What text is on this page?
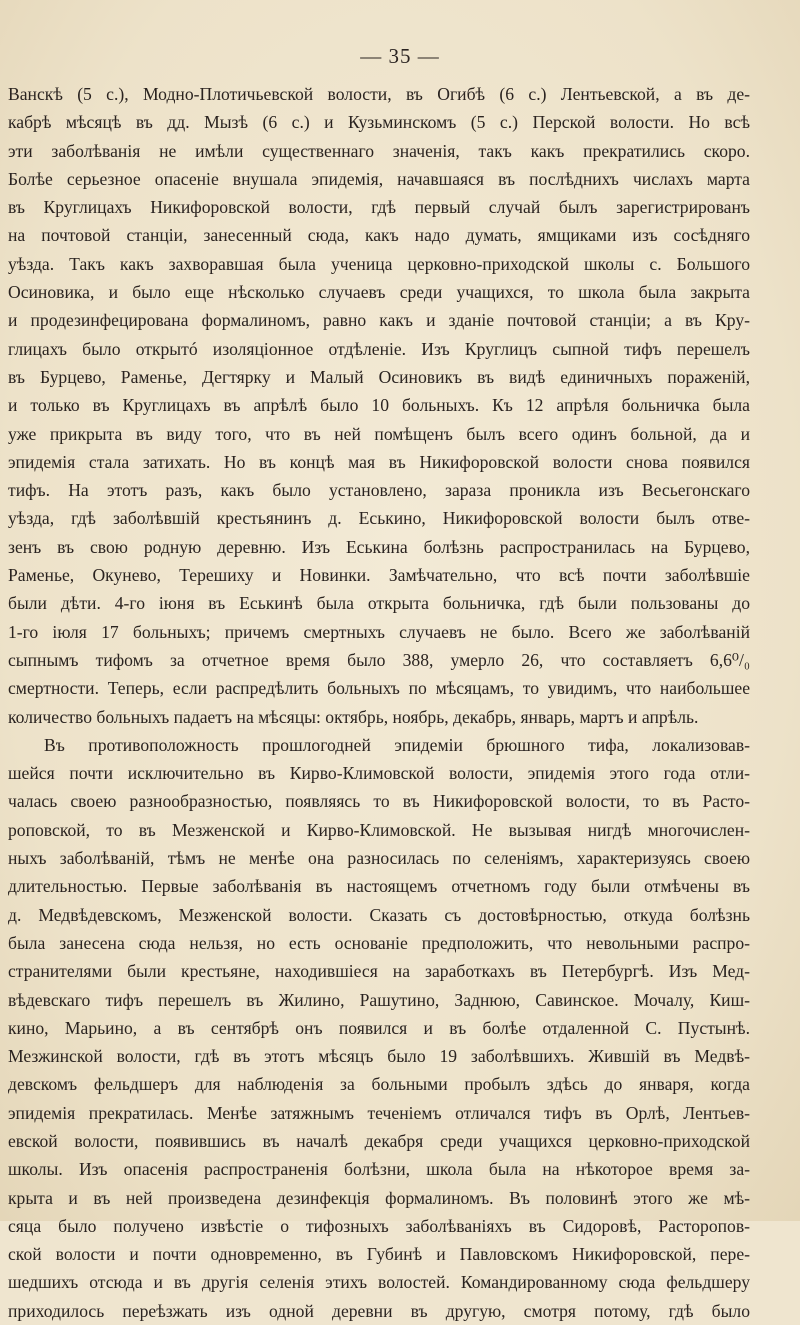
— 35 —
Ванскѣ (5 с.), Модно-Плотичьевской волости, въ Огибѣ (6 с.) Лентьевской, а въ де-
кабрѣ мѣсяцѣ въ дд. Мызѣ (6 с.) и Кузьминскомъ (5 с.) Перской волости. Но всѣ
эти заболѣванія не имѣли существеннаго значенія, такъ какъ прекратились скоро.
Болѣе серьезное опасеніе внушала эпидемія, начавшаяся въ послѣднихъ числахъ марта
въ Круглицахъ Никифоровской волости, гдѣ первый случай былъ зарегистрированъ
на почтовой станціи, занесенный сюда, какъ надо думать, ямщиками изъ сосѣдняго
уѣзда. Такъ какъ захворавшая была ученица церковно-приходской школы с. Большого
Осиновика, и было еще нѣсколько случаевъ среди учащихся, то школа была закрыта
и продезинфецирована формалиномъ, равно какъ и зданіе почтовой станціи; а въ Кру-
глицахъ было открытó изоляціонное отдѣленіе. Изъ Круглицъ сыпной тифъ перешелъ
въ Бурцево, Раменье, Дегтярку и Малый Осиновикъ въ видѣ единичныхъ пораженій,
и только въ Круглицахъ въ апрѣлѣ было 10 больныхъ. Къ 12 апрѣля больничка была
уже прикрыта въ виду того, что въ ней помѣщенъ былъ всего одинъ больной, да и
эпидемія стала затихать. Но въ концѣ мая въ Никифоровской волости снова появился
тифъ. На этотъ разъ, какъ было установлено, зараза проникла изъ Весьегонскаго
уѣзда, гдѣ заболѣвшій крестьянинъ д. Еськино, Никифоровской волости былъ отве-
зенъ въ свою родную деревню. Изъ Еськина болѣзнь распространилась на Бурцево,
Раменье, Окунево, Терешиху и Новинки. Замѣчательно, что всѣ почти заболѣвшіе
были дѣти. 4-го іюня въ Еськинѣ была открыта больничка, гдѣ были пользованы до
1-го іюля 17 больныхъ; причемъ смертныхъ случаевъ не было. Всего же заболѣваній
сыпнымъ тифомъ за отчетное время было 388, умерло 26, что составляетъ 6,6⁰/₀
смертности. Теперь, если распредѣлить больныхъ по мѣсяцамъ, то увидимъ, что наибольшее
количество больныхъ падаетъ на мѣсяцы: октябрь, ноябрь, декабрь, январь, мартъ и апрѣль.
Въ противоположность прошлогодней эпидеміи брюшного тифа, локализовав-
шейся почти исключительно въ Кирво-Климовской волости, эпидемія этого года отли-
чалась своею разнообразностью, появляясь то въ Никифоровской волости, то въ Расто-
роповской, то въ Мезженской и Кирво-Климовской. Не вызывая нигдѣ многочислен-
ныхъ заболѣваній, тѣмъ не менѣе она разносилась по селеніямъ, характеризуясь своею
длительностью. Первые заболѣванія въ настоящемъ отчетномъ году были отмѣчены въ
д. Медвѣдевскомъ, Мезженской волости. Сказать съ достовѣрностью, откуда болѣзнь
была занесена сюда нельзя, но есть основаніе предположить, что невольными распро-
странителями были крестьяне, находившіеся на заработкахъ въ Петербургѣ. Изъ Мед-
вѣдевскаго тифъ перешелъ въ Жилино, Рашутино, Заднюю, Савинское. Мочалу, Киш-
кино, Марьино, а въ сентябрѣ онъ появился и въ болѣе отдаленной С. Пустынѣ.
Мезжинской волости, гдѣ въ этотъ мѣсяцъ было 19 заболѣвшихъ. Жившій въ Медвѣ-
девскомъ фельдшеръ для наблюденія за больными пробылъ здѣсь до января, когда
эпидемія прекратилась. Менѣе затяжнымъ теченіемъ отличался тифъ въ Орлѣ, Лентьев-
евской волости, появившись въ началѣ декабря среди учащихся церковно-приходской
школы. Изъ опасенія распространенія болѣзни, школа была на нѣкоторое время за-
крыта и въ ней произведена дезинфекція формалиномъ. Въ половинѣ этого же мѣ-
сяца было получено извѣстіе о тифозныхъ заболѣваніяхъ въ Сидоровѣ, Расторопов-
ской волости и почти одновременно, въ Губинѣ и Павловскомъ Никифоровской, пере-
шедшихъ отсюда и въ другія селенія этихъ волостей. Командированному сюда фельдшеру
приходилось переѣзжать изъ одной деревни въ другую, смотря потому, гдѣ было
